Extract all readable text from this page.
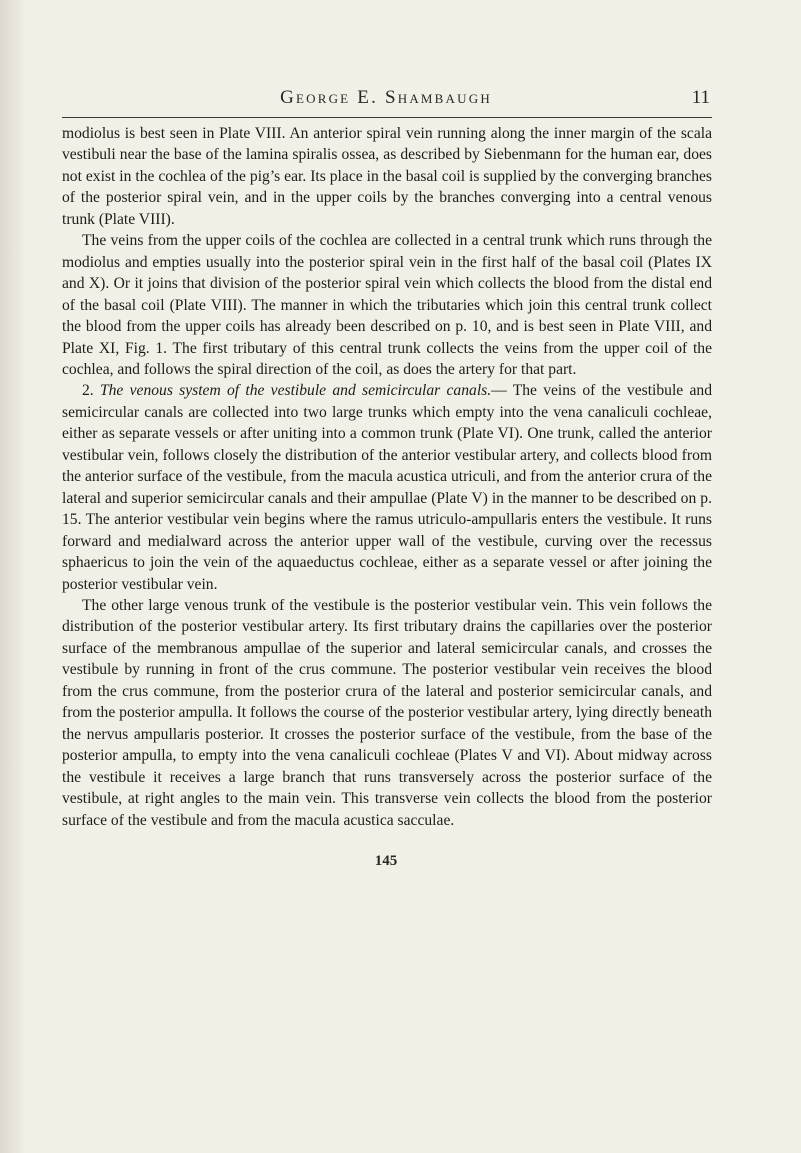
George E. Shambaugh	11

modiolus is best seen in Plate VIII. An anterior spiral vein running along the inner margin of the scala vestibuli near the base of the lamina spiralis ossea, as described by Siebenmann for the human ear, does not exist in the cochlea of the pig’s ear. Its place in the basal coil is supplied by the converging branches of the posterior spiral vein, and in the upper coils by the branches converging into a central venous trunk (Plate VIII).

The veins from the upper coils of the cochlea are collected in a central trunk which runs through the modiolus and empties usually into the posterior spiral vein in the first half of the basal coil (Plates IX and X). Or it joins that division of the posterior spiral vein which collects the blood from the distal end of the basal coil (Plate VIII). The manner in which the tributaries which join this central trunk collect the blood from the upper coils has already been described on p. 10, and is best seen in Plate VIII, and Plate XI, Fig. 1. The first tributary of this central trunk collects the veins from the upper coil of the cochlea, and follows the spiral direction of the coil, as does the artery for that part.

2. The venous system of the vestibule and semicircular canals.— The veins of the vestibule and semicircular canals are collected into two large trunks which empty into the vena canaliculi cochleae, either as separate vessels or after uniting into a common trunk (Plate VI). One trunk, called the anterior vestibular vein, follows closely the distribution of the anterior vestibular artery, and collects blood from the anterior surface of the vestibule, from the macula acustica utriculi, and from the anterior crura of the lateral and superior semicircular canals and their ampullae (Plate V) in the manner to be described on p. 15. The anterior vestibular vein begins where the ramus utriculo-ampullaris enters the vestibule. It runs forward and medialward across the anterior upper wall of the vestibule, curving over the recessus sphaericus to join the vein of the aquaeductus cochleae, either as a separate vessel or after joining the posterior vestibular vein.

The other large venous trunk of the vestibule is the posterior vestibular vein. This vein follows the distribution of the posterior vestibular artery. Its first tributary drains the capillaries over the posterior surface of the membranous ampullae of the superior and lateral semicircular canals, and crosses the vestibule by running in front of the crus commune. The posterior vestibular vein receives the blood from the crus commune, from the posterior crura of the lateral and posterior semicircular canals, and from the posterior ampulla. It follows the course of the posterior vestibular artery, lying directly beneath the nervus ampullaris posterior. It crosses the posterior surface of the vestibule, from the base of the posterior ampulla, to empty into the vena canaliculi cochleae (Plates V and VI). About midway across the vestibule it receives a large branch that runs transversely across the posterior surface of the vestibule, at right angles to the main vein. This transverse vein collects the blood from the posterior surface of the vestibule and from the macula acustica sacculae.

145
